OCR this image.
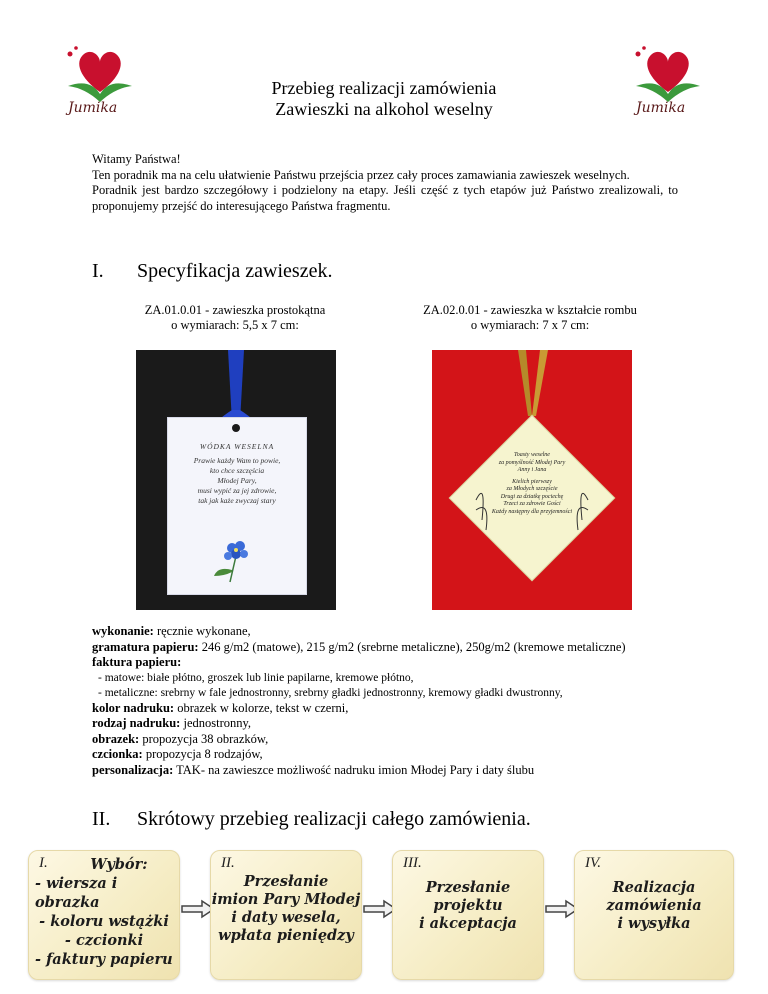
Jumika	Jumika
Przebieg realizacji zamówienia
Zawieszki na alkohol weselny

Witamy Państwa!

Ten poradnik ma na celu ułatwienie Państwu przejścia przez cały proces zamawiania zawieszek weselnych.

Poradnik jest bardzo szczegółowy i podzielony na etapy. Jeśli część z tych etapów już Państwo zrealizowali, to proponujemy przejść do interesującego Państwa fragmentu.

I. Specyfikacja zawieszek.
ZA.01.0.01 - zawieszka prostokątna
o wymiarach: 5,5 x 7 cm:
ZA.02.0.01 - zawieszka w kształcie rombu
o wymiarach: 7 x 7 cm:
WÓDKA WESELNA
Prawie każdy Wam to powie,
kto chce szczęścia
Młodej Pary,
musi wypić za jej zdrowie,
tak jak każe zwyczaj stary
Toasty weselne
za pomyślność Młodej Pary
Anny i Jana
Kielich pierwszy
za Młodych szczęście
Drugi za dziatkę pociechę
Trzeci za zdrowie Gości
Każdy następny dla przyjemności
wykonanie: ręcznie wykonane,
gramatura papieru: 246 g/m2 (matowe), 215 g/m2 (srebrne metaliczne), 250g/m2 (kremowe metaliczne)
faktura papieru:
- matowe: białe płótno, groszek lub linie papilarne, kremowe płótno,
- metaliczne: srebrny w fale jednostronny, srebrny gładki jednostronny, kremowy gładki dwustronny,
kolor nadruku: obrazek w kolorze, tekst w czerni,
rodzaj nadruku: jednostronny,
obrazek: propozycja 38 obrazków,
czcionka: propozycja 8 rodzajów,
personalizacja: TAK- na zawieszce możliwość nadruku imion Młodej Pary i daty ślubu
II. Skrótowy przebieg realizacji całego zamówienia.
I.	Wybór:
- wiersza i obrazka
- koloru wstążki
- czcionki
- faktury papieru
II.
Przesłanie
imion Pary Młodej
i daty wesela,
wpłata pieniędzy
III.
Przesłanie
projektu
i akceptacja
IV.
Realizacja
zamówienia
i wysyłka
